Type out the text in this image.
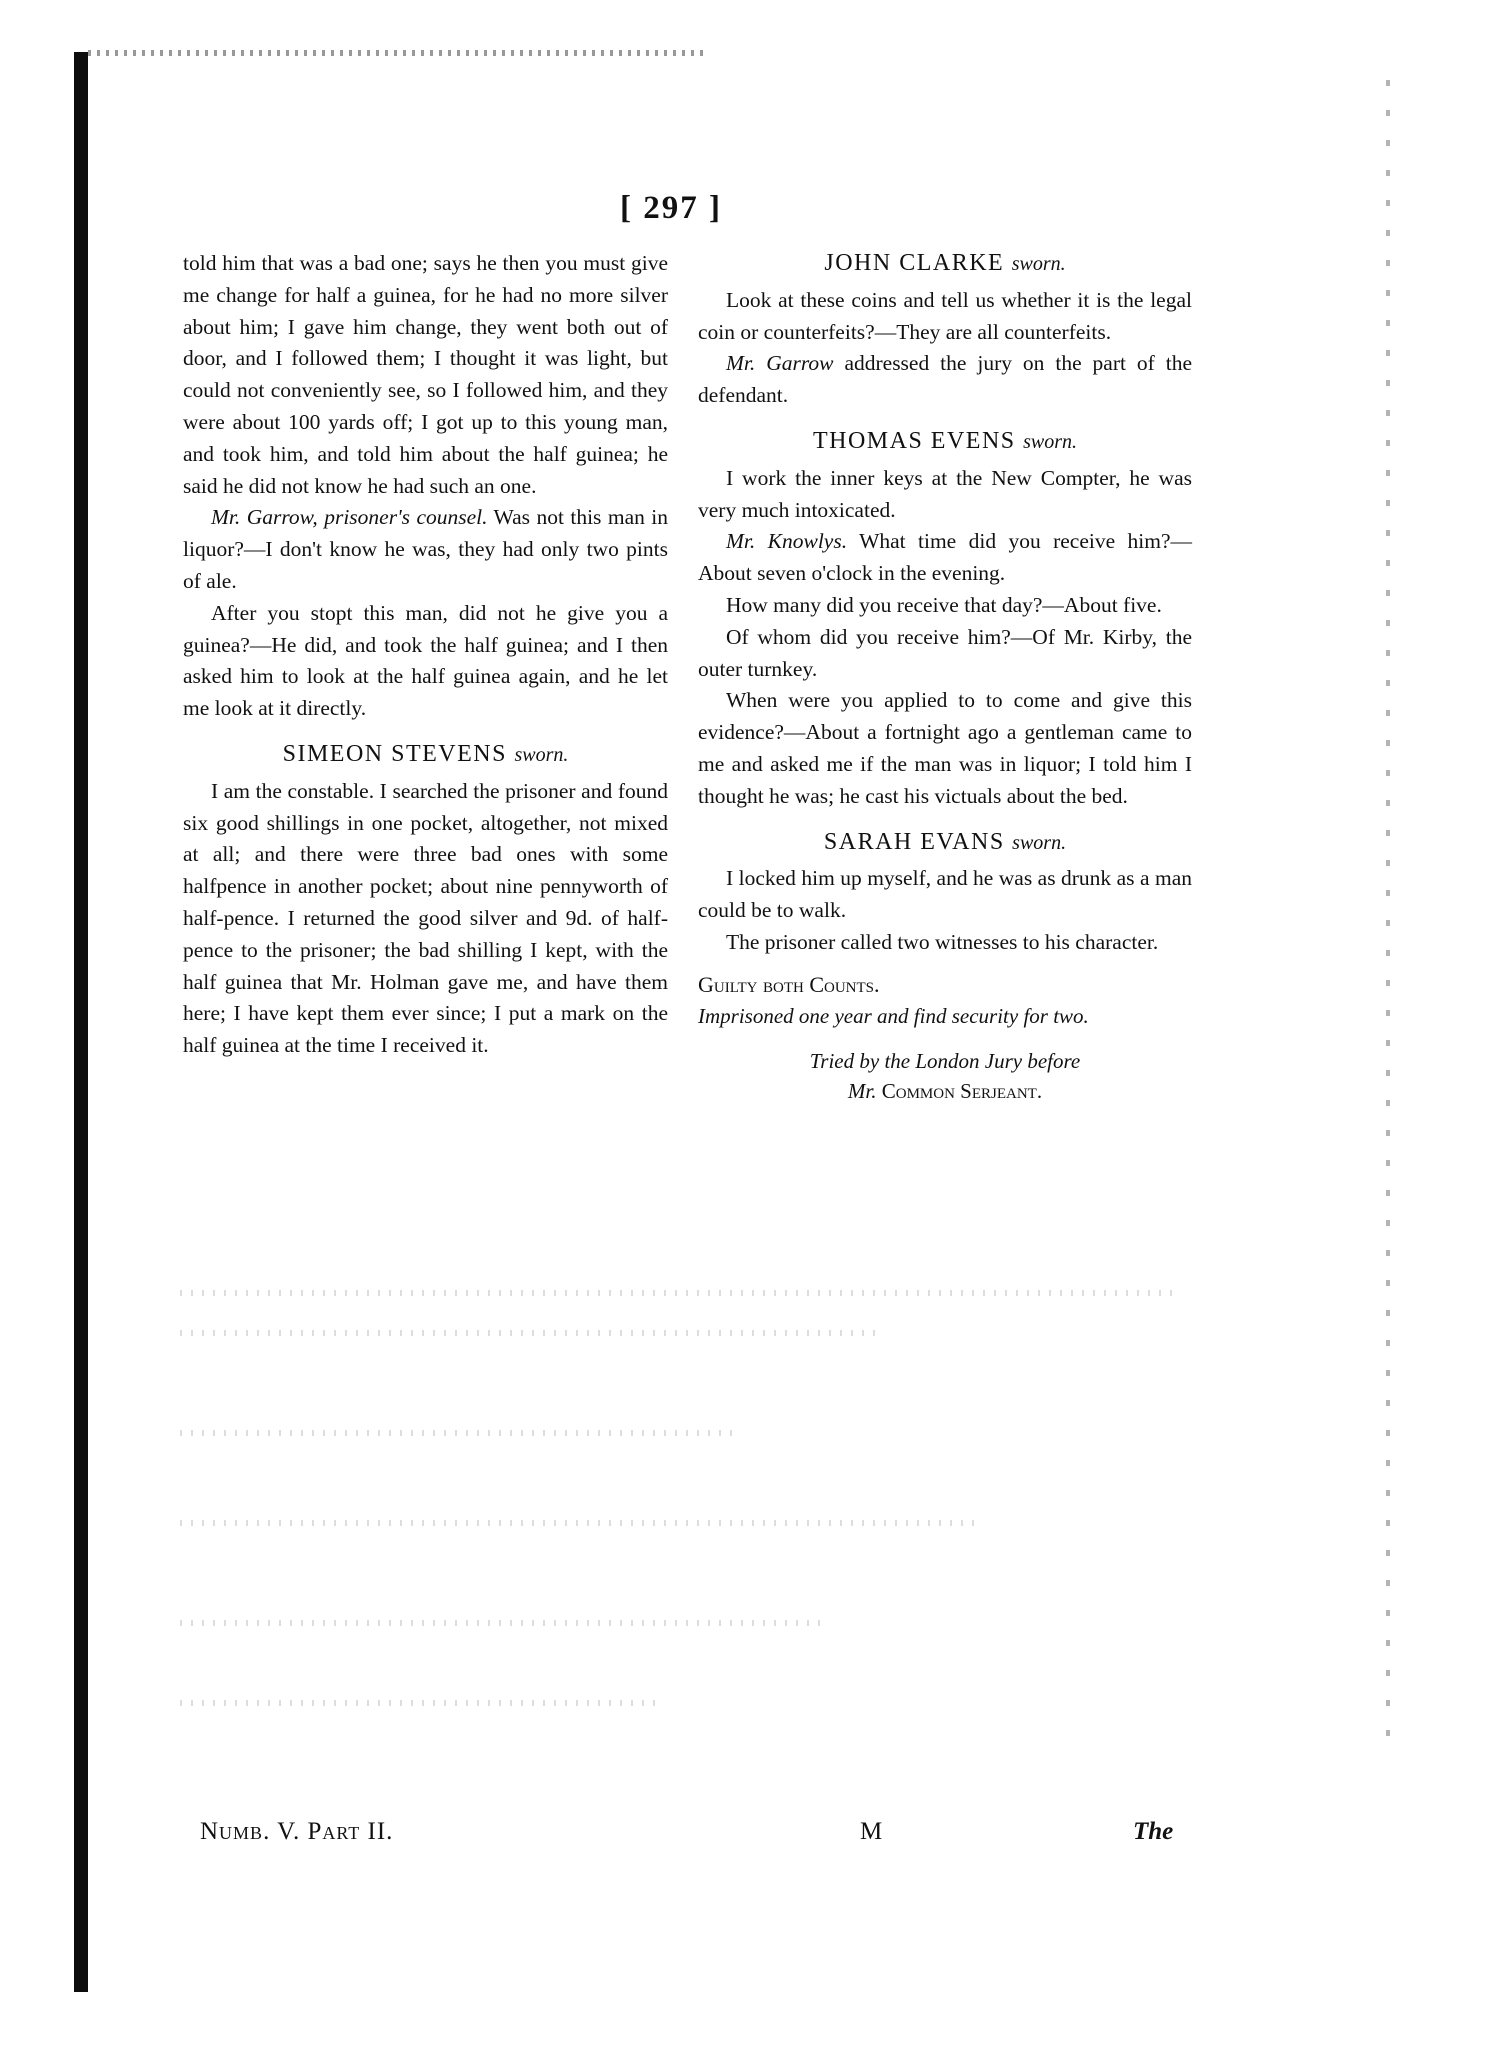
[ 297 ]

told him that was a bad one; says he then you must give me change for half a guinea, for he had no more silver about him; I gave him change, they went both out of door, and I followed them; I thought it was light, but could not conveniently see, so I followed him, and they were about 100 yards off; I got up to this young man, and took him, and told him about the half guinea; he said he did not know he had such an one.

Mr. Garrow, prisoner's counsel. Was not this man in liquor?—I don't know he was, they had only two pints of ale.

After you stopt this man, did not he give you a guinea?—He did, and took the half guinea; and I then asked him to look at the half guinea again, and he let me look at it directly.

SIMEON STEVENS sworn.

I am the constable. I searched the prisoner and found six good shillings in one pocket, altogether, not mixed at all; and there were three bad ones with some halfpence in another pocket; about nine pennyworth of half-pence. I returned the good silver and 9d. of half-pence to the prisoner; the bad shilling I kept, with the half guinea that Mr. Holman gave me, and have them here; I have kept them ever since; I put a mark on the half guinea at the time I received it.

JOHN CLARKE sworn.

Look at these coins and tell us whether it is the legal coin or counterfeits?—They are all counterfeits.

Mr. Garrow addressed the jury on the part of the defendant.

THOMAS EVENS sworn.

I work the inner keys at the New Compter, he was very much intoxicated.

Mr. Knowlys. What time did you receive him?—About seven o'clock in the evening.

How many did you receive that day?—About five.

Of whom did you receive him?—Of Mr. Kirby, the outer turnkey.

When were you applied to to come and give this evidence?—About a fortnight ago a gentleman came to me and asked me if the man was in liquor; I told him I thought he was; he cast his victuals about the bed.

SARAH EVANS sworn.

I locked him up myself, and he was as drunk as a man could be to walk.

The prisoner called two witnesses to his character.

Guilty both Counts.

Imprisoned one year and find security for two.

Tried by the London Jury before
Mr. Common Serjeant.
Numb. V. Part II.	M	The
